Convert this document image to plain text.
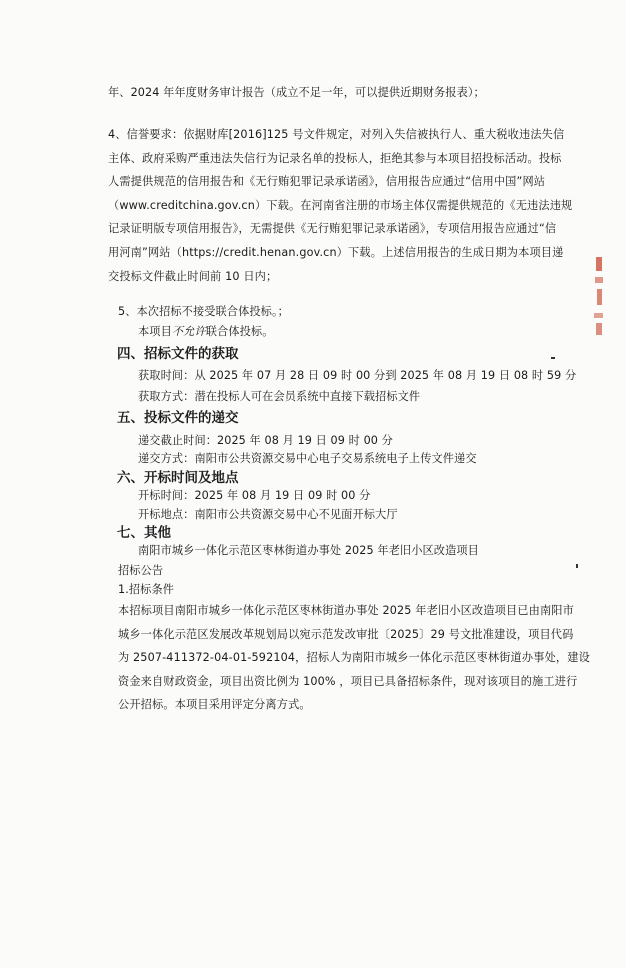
年、2024 年年度财务审计报告（成立不足一年，可以提供近期财务报表）；
4、信誉要求：依据财库[2016]125 号文件规定，对列入失信被执行人、重大税收违法失信
主体、政府采购严重违法失信行为记录名单的投标人，拒绝其参与本项目招投标活动。投标
人需提供规范的信用报告和《无行贿犯罪记录承诺函》，信用报告应通过“信用中国”网站
（www.creditchina.gov.cn）下载。在河南省注册的市场主体仅需提供规范的《无违法违规
记录证明版专项信用报告》，无需提供《无行贿犯罪记录承诺函》，专项信用报告应通过“信
用河南”网站（https://credit.henan.gov.cn）下载。上述信用报告的生成日期为本项目递
交投标文件截止时间前 10 日内；
5、本次招标不接受联合体投标。；
本项目不允许联合体投标。
四、招标文件的获取
获取时间：从 2025 年 07 月 28 日 09 时 00 分到 2025 年 08 月 19 日 08 时 59 分
获取方式：潜在投标人可在会员系统中直接下载招标文件
五、投标文件的递交
递交截止时间：2025 年 08 月 19 日 09 时 00 分
递交方式：南阳市公共资源交易中心电子交易系统电子上传文件递交
六、开标时间及地点
开标时间：2025 年 08 月 19 日 09 时 00 分
开标地点：南阳市公共资源交易中心不见面开标大厅
七、其他
南阳市城乡一体化示范区枣林街道办事处 2025 年老旧小区改造项目
招标公告
1.招标条件
本招标项目南阳市城乡一体化示范区枣林街道办事处 2025 年老旧小区改造项目已由南阳市
城乡一体化示范区发展改革规划局以宛示范发改审批〔2025〕29 号文批准建设，项目代码
为 2507-411372-04-01-592104，招标人为南阳市城乡一体化示范区枣林街道办事处，建设
资金来自财政资金，项目出资比例为 100% ，项目已具备招标条件，现对该项目的施工进行
公开招标。本项目采用评定分离方式。
